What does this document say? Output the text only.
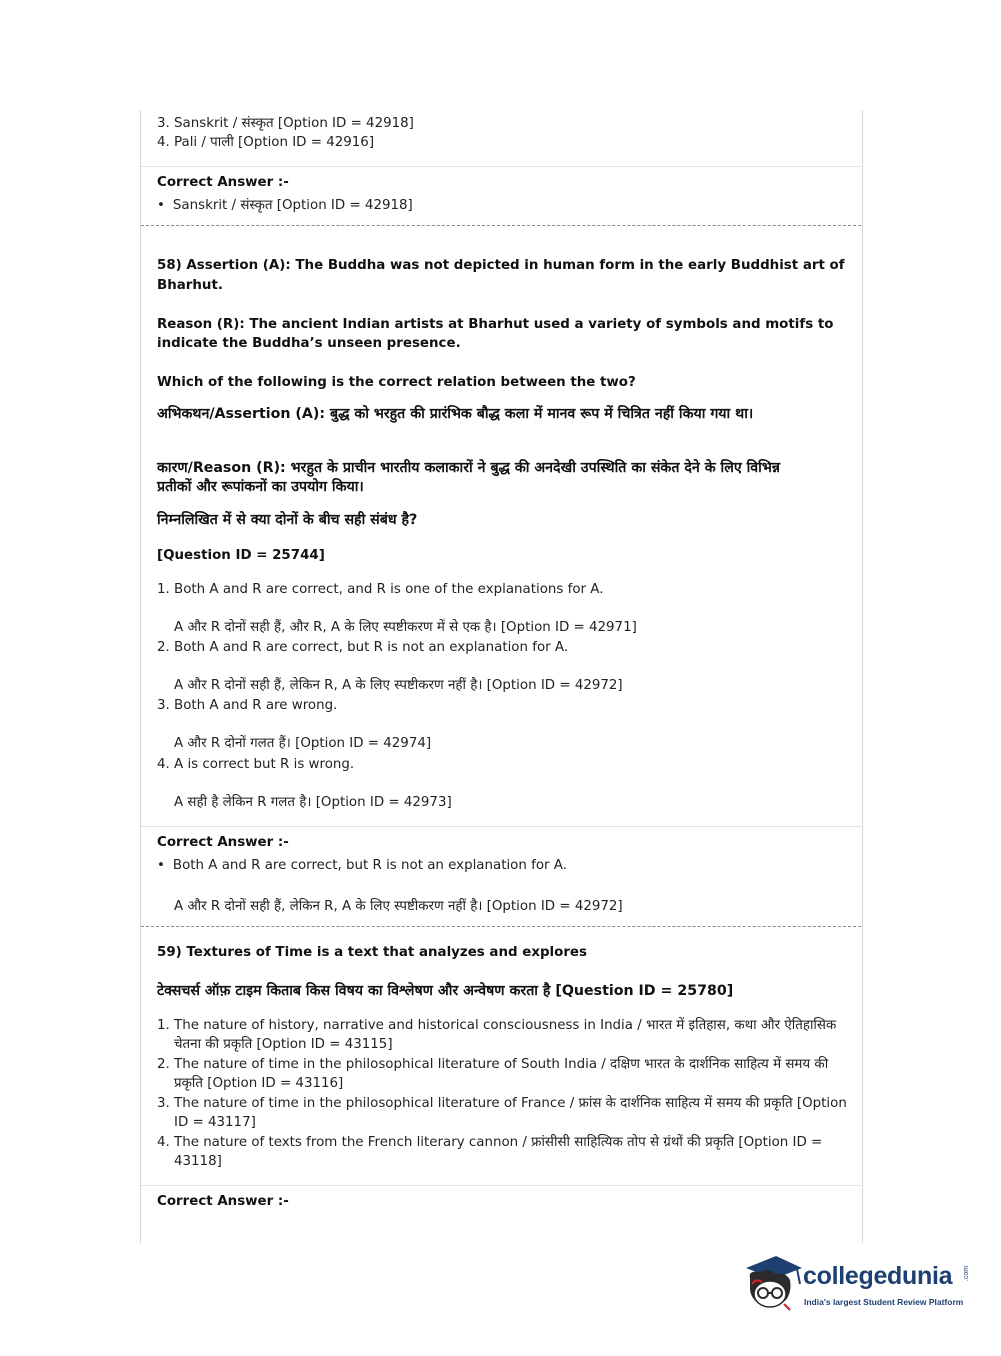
3. Sanskrit / संस्कृत [Option ID = 42918]
4. Pali / पाली [Option ID = 42916]
Correct Answer :-
• Sanskrit / संस्कृत [Option ID = 42918]
58) Assertion (A): The Buddha was not depicted in human form in the early Buddhist art of
Bharhut.
Reason (R): The ancient Indian artists at Bharhut used a variety of symbols and motifs to
indicate the Buddha’s unseen presence.
Which of the following is the correct relation between the two?
अभिकथन/Assertion (A): बुद्ध को भरहुत की प्रारंभिक बौद्ध कला में मानव रूप में चित्रित नहीं किया गया था।
कारण/Reason (R): भरहुत के प्राचीन भारतीय कलाकारों ने बुद्ध की अनदेखी उपस्थिति का संकेत देने के लिए विभिन्न
प्रतीकों और रूपांकनों का उपयोग किया।
निम्नलिखित में से क्या दोनों के बीच सही संबंध है?
[Question ID = 25744]
1. Both A and R are correct, and R is one of the explanations for A.
A और R दोनों सही हैं, और R, A के लिए स्पष्टीकरण में से एक है। [Option ID = 42971]
2. Both A and R are correct, but R is not an explanation for A.
A और R दोनों सही हैं, लेकिन R, A के लिए स्पष्टीकरण नहीं है। [Option ID = 42972]
3. Both A and R are wrong.
A और R दोनों गलत हैं। [Option ID = 42974]
4. A is correct but R is wrong.
A सही है लेकिन R गलत है। [Option ID = 42973]
Correct Answer :-
• Both A and R are correct, but R is not an explanation for A.
A और R दोनों सही हैं, लेकिन R, A के लिए स्पष्टीकरण नहीं है। [Option ID = 42972]
59) Textures of Time is a text that analyzes and explores
टेक्सचर्स ऑफ़ टाइम किताब किस विषय का विश्लेषण और अन्वेषण करता है [Question ID = 25780]
1. The nature of history, narrative and historical consciousness in India / भारत में इतिहास, कथा और ऐतिहासिक
चेतना की प्रकृति [Option ID = 43115]
2. The nature of time in the philosophical literature of South India / दक्षिण भारत के दार्शनिक साहित्य में समय की
प्रकृति [Option ID = 43116]
3. The nature of time in the philosophical literature of France / फ्रांस के दार्शनिक साहित्य में समय की प्रकृति [Option
ID = 43117]
4. The nature of texts from the French literary cannon / फ्रांसीसी साहित्यिक तोप से ग्रंथों की प्रकृति [Option ID =
43118]
Correct Answer :-
collegedunia .com
India's largest Student Review Platform
